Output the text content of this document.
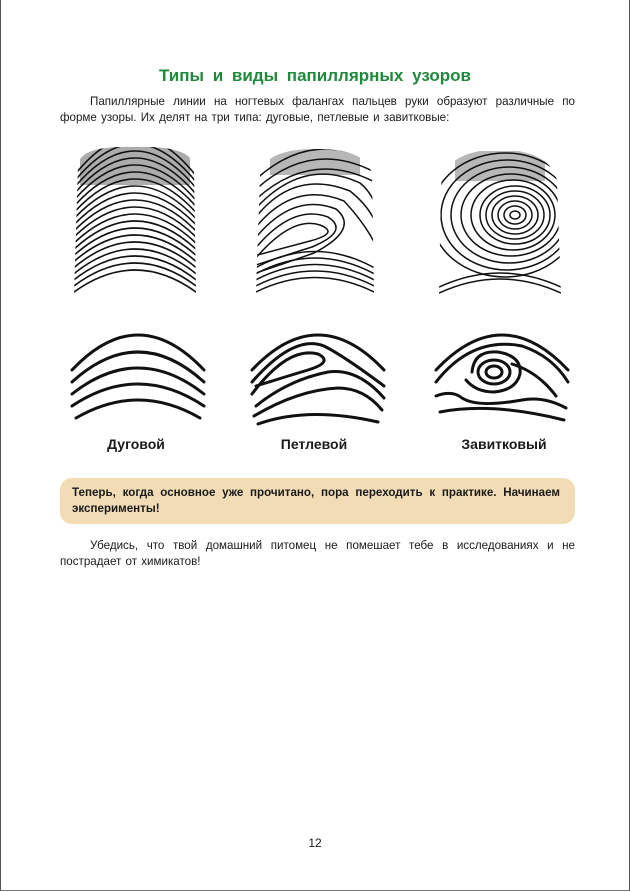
Типы и виды папиллярных узоров

Папиллярные линии на ногтевых фалангах пальцев руки образуют различные по форме узоры. Их делят на три типа: дуговые, петлевые и завитковые:

Дуговой	Петлевой	Завитковый
Теперь, когда основное уже прочитано, пора переходить к практике. Начинаем эксперименты!

Убедись, что твой домашний питомец не помешает тебе в исследованиях и не пострадает от химикатов!

12
